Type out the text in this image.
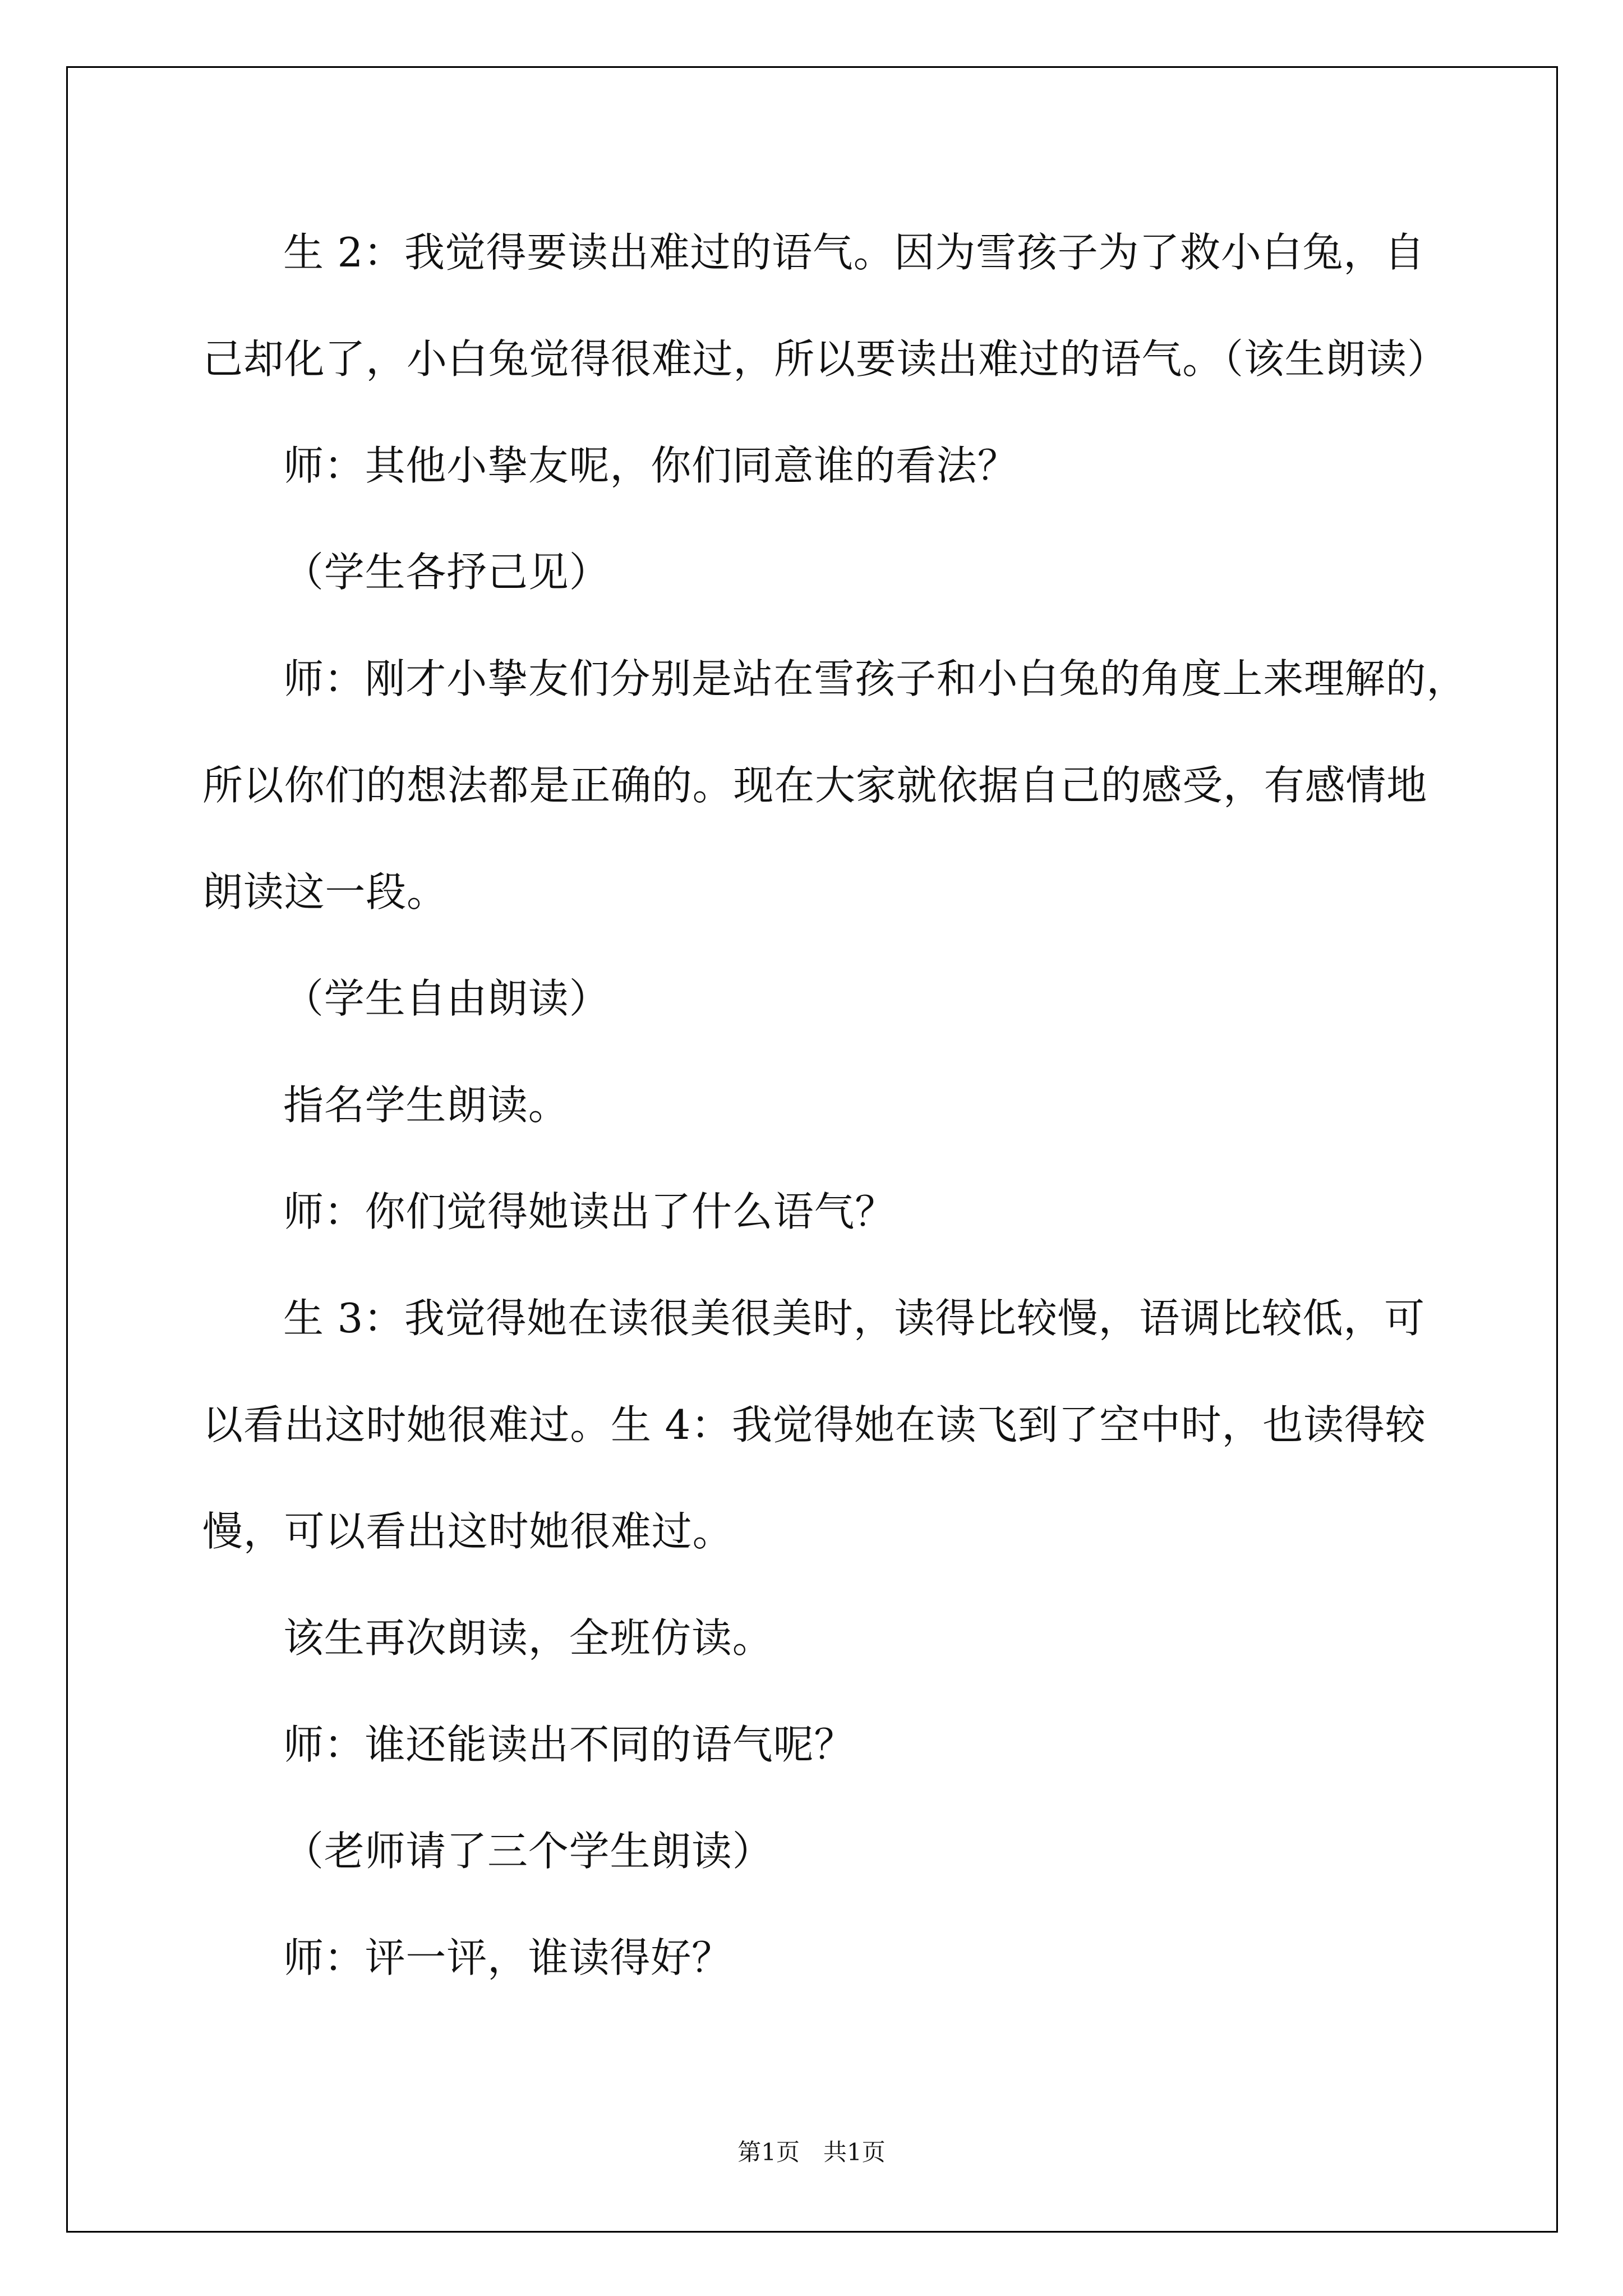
生 2：我觉得要读出难过的语气。因为雪孩子为了救小白兔，自
己却化了，小白兔觉得很难过，所以要读出难过的语气。（该生朗读）

师：其他小挚友呢，你们同意谁的看法？

（学生各抒己见）

师：刚才小挚友们分别是站在雪孩子和小白兔的角度上来理解的，
所以你们的想法都是正确的。现在大家就依据自己的感受，有感情地
朗读这一段。

（学生自由朗读）

指名学生朗读。

师：你们觉得她读出了什么语气？

生 3：我觉得她在读很美很美时，读得比较慢，语调比较低，可
以看出这时她很难过。生 4：我觉得她在读飞到了空中时，也读得较
慢，可以看出这时她很难过。

该生再次朗读，全班仿读。

师：谁还能读出不同的语气呢？

（老师请了三个学生朗读）

师：评一评，谁读得好？

第1页　共1页
